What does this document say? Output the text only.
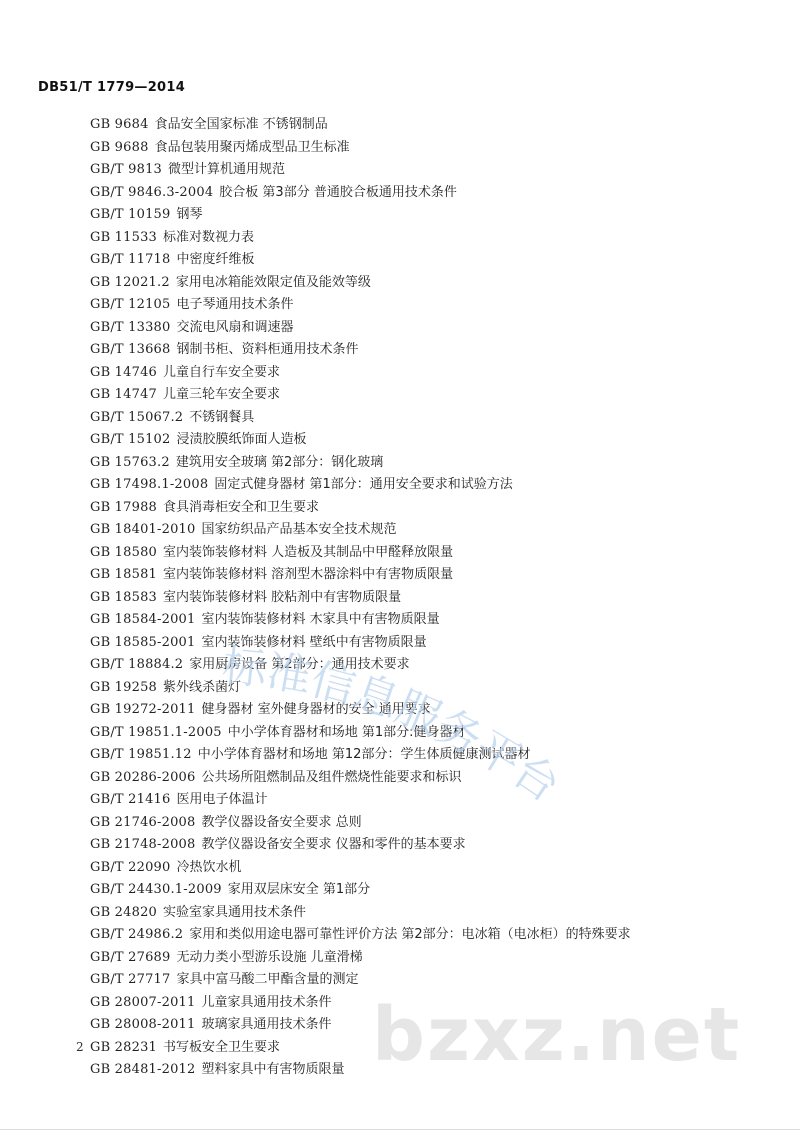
DB51/T 1779—2014
GB 9684 食品安全国家标准 不锈钢制品
GB 9688 食品包装用聚丙烯成型品卫生标准
GB/T 9813 微型计算机通用规范
GB/T 9846.3-2004 胶合板 第3部分 普通胶合板通用技术条件
GB/T 10159 钢琴
GB 11533 标准对数视力表
GB/T 11718 中密度纤维板
GB 12021.2 家用电冰箱能效限定值及能效等级
GB/T 12105 电子琴通用技术条件
GB/T 13380 交流电风扇和调速器
GB/T 13668 钢制书柜、资料柜通用技术条件
GB 14746 儿童自行车安全要求
GB 14747 儿童三轮车安全要求
GB/T 15067.2 不锈钢餐具
GB/T 15102 浸渍胶膜纸饰面人造板
GB 15763.2 建筑用安全玻璃 第2部分：钢化玻璃
GB 17498.1-2008 固定式健身器材 第1部分：通用安全要求和试验方法
GB 17988 食具消毒柜安全和卫生要求
GB 18401-2010 国家纺织品产品基本安全技术规范
GB 18580 室内装饰装修材料 人造板及其制品中甲醛释放限量
GB 18581 室内装饰装修材料 溶剂型木器涂料中有害物质限量
GB 18583 室内装饰装修材料 胶粘剂中有害物质限量
GB 18584-2001 室内装饰装修材料 木家具中有害物质限量
GB 18585-2001 室内装饰装修材料 壁纸中有害物质限量
GB/T 18884.2 家用厨房设备 第2部分：通用技术要求
GB 19258 紫外线杀菌灯
GB 19272-2011 健身器材 室外健身器材的安全 通用要求
GB/T 19851.1-2005 中小学体育器材和场地 第1部分:健身器材
GB/T 19851.12 中小学体育器材和场地 第12部分：学生体质健康测试器材
GB 20286-2006 公共场所阻燃制品及组件燃烧性能要求和标识
GB/T 21416 医用电子体温计
GB 21746-2008 教学仪器设备安全要求 总则
GB 21748-2008 教学仪器设备安全要求 仪器和零件的基本要求
GB/T 22090 冷热饮水机
GB/T 24430.1-2009 家用双层床安全 第1部分
GB 24820 实验室家具通用技术条件
GB/T 24986.2 家用和类似用途电器可靠性评价方法 第2部分：电冰箱（电冰柜）的特殊要求
GB/T 27689 无动力类小型游乐设施 儿童滑梯
GB/T 27717 家具中富马酸二甲酯含量的测定
GB 28007-2011 儿童家具通用技术条件
GB 28008-2011 玻璃家具通用技术条件
GB 28231 书写板安全卫生要求
GB 28481-2012 塑料家具中有害物质限量
标准信息服务平台
bzxz.net
2
